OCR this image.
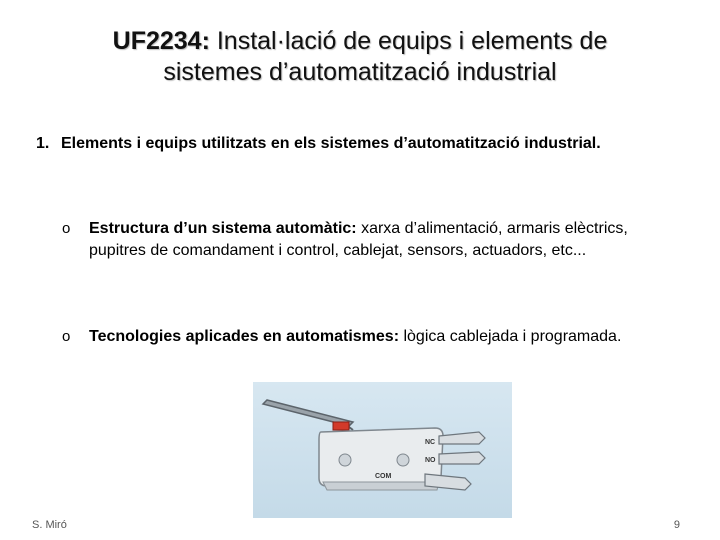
UF2234: Instal·lació de equips i elements de sistemes d’automatització industrial
1. Elements i equips utilitzats en els sistemes d’automatització industrial.
o Estructura d’un sistema automàtic: xarxa d’alimentació, armaris elèctrics, pupitres de comandament i control, cablejat, sensors, actuadors, etc...
o Tecnologies aplicades en automatismes: lògica cablejada i programada.
NC
NO
COM
S. Miró	9
